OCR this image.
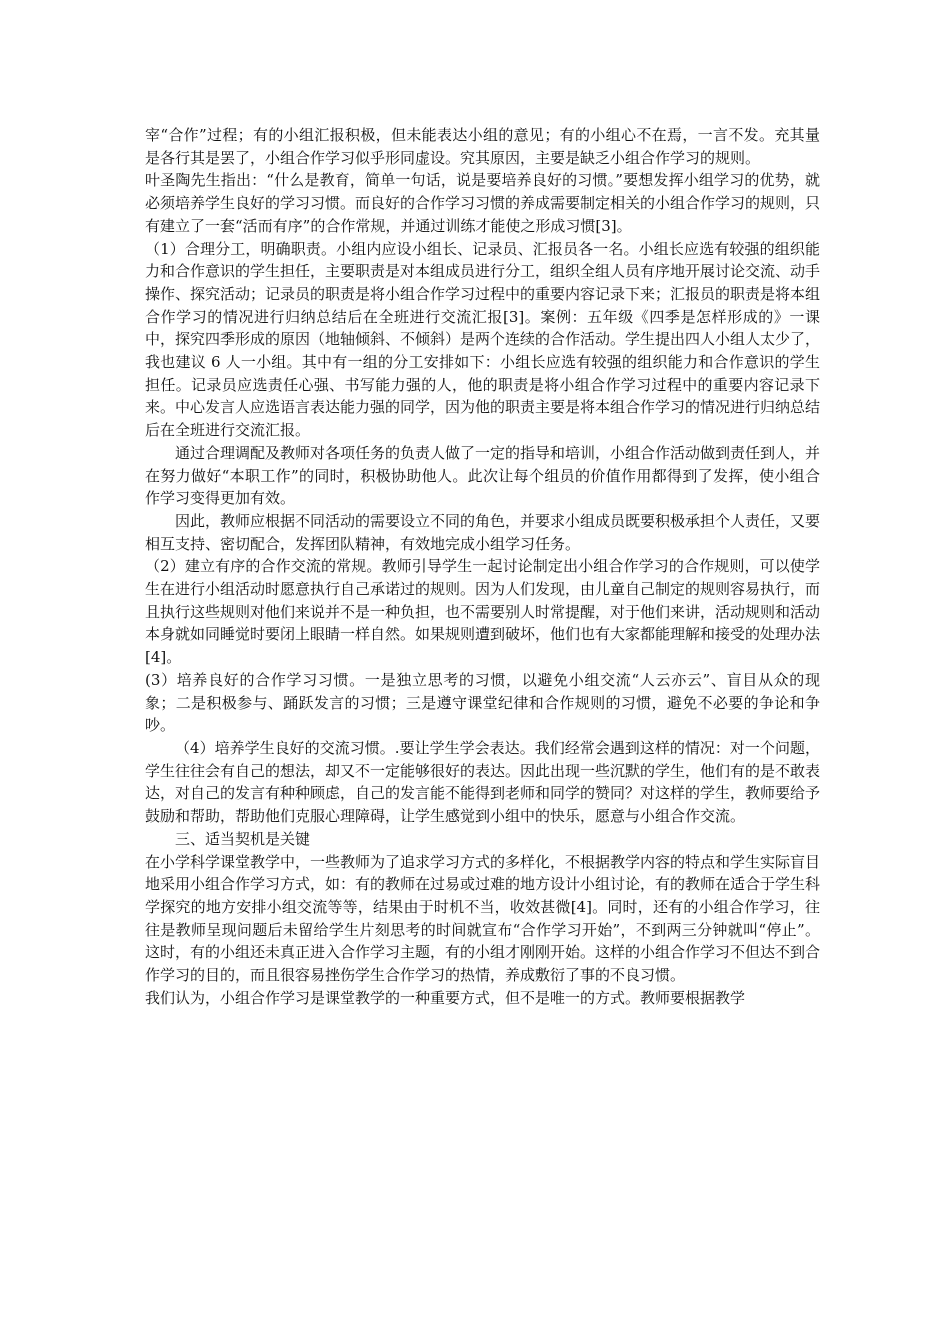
宰“合作”过程；有的小组汇报积极，但未能表达小组的意见；有的小组心不在焉，一言不发。充其量是各行其是罢了，小组合作学习似乎形同虚设。究其原因，主要是缺乏小组合作学习的规则。

叶圣陶先生指出：“什么是教育，简单一句话，说是要培养良好的习惯。”要想发挥小组学习的优势，就必须培养学生良好的学习习惯。而良好的合作学习习惯的养成需要制定相关的小组合作学习的规则，只有建立了一套“活而有序”的合作常规，并通过训练才能使之形成习惯[3]。

（1）合理分工，明确职责。小组内应设小组长、记录员、汇报员各一名。小组长应选有较强的组织能力和合作意识的学生担任，主要职责是对本组成员进行分工，组织全组人员有序地开展讨论交流、动手操作、探究活动；记录员的职责是将小组合作学习过程中的重要内容记录下来；汇报员的职责是将本组合作学习的情况进行归纳总结后在全班进行交流汇报[3]。案例：五年级《四季是怎样形成的》一课中，探究四季形成的原因（地轴倾斜、不倾斜）是两个连续的合作活动。学生提出四人小组人太少了，我也建议 6 人一小组。其中有一组的分工安排如下：小组长应选有较强的组织能力和合作意识的学生担任。记录员应选责任心强、书写能力强的人，他的职责是将小组合作学习过程中的重要内容记录下来。中心发言人应选语言表达能力强的同学，因为他的职责主要是将本组合作学习的情况进行归纳总结后在全班进行交流汇报。

通过合理调配及教师对各项任务的负责人做了一定的指导和培训，小组合作活动做到责任到人，并在努力做好“本职工作”的同时，积极协助他人。此次让每个组员的价值作用都得到了发挥，使小组合作学习变得更加有效。

因此，教师应根据不同活动的需要设立不同的角色，并要求小组成员既要积极承担个人责任，又要相互支持、密切配合，发挥团队精神，有效地完成小组学习任务。

（2）建立有序的合作交流的常规。教师引导学生一起讨论制定出小组合作学习的合作规则，可以使学生在进行小组活动时愿意执行自己承诺过的规则。因为人们发现，由儿童自己制定的规则容易执行，而且执行这些规则对他们来说并不是一种负担，也不需要别人时常提醒，对于他们来讲，活动规则和活动本身就如同睡觉时要闭上眼睛一样自然。如果规则遭到破坏，他们也有大家都能理解和接受的处理办法[4]。

(3）培养良好的合作学习习惯。一是独立思考的习惯，以避免小组交流“人云亦云”、盲目从众的现象；二是积极参与、踊跃发言的习惯；三是遵守课堂纪律和合作规则的习惯，避免不必要的争论和争吵。

（4）培养学生良好的交流习惯。.要让学生学会表达。我们经常会遇到这样的情况：对一个问题，学生往往会有自己的想法，却又不一定能够很好的表达。因此出现一些沉默的学生，他们有的是不敢表达，对自己的发言有种种顾虑，自己的发言能不能得到老师和同学的赞同？对这样的学生，教师要给予鼓励和帮助，帮助他们克服心理障碍，让学生感觉到小组中的快乐，愿意与小组合作交流。

三、适当契机是关键

在小学科学课堂教学中，一些教师为了追求学习方式的多样化，不根据教学内容的特点和学生实际盲目地采用小组合作学习方式，如：有的教师在过易或过难的地方设计小组讨论，有的教师在适合于学生科学探究的地方安排小组交流等等，结果由于时机不当，收效甚微[4]。同时，还有的小组合作学习，往往是教师呈现问题后未留给学生片刻思考的时间就宣布“合作学习开始”，不到两三分钟就叫“停止”。这时，有的小组还未真正进入合作学习主题，有的小组才刚刚开始。这样的小组合作学习不但达不到合作学习的目的，而且很容易挫伤学生合作学习的热情，养成敷衍了事的不良习惯。

我们认为，小组合作学习是课堂教学的一种重要方式，但不是唯一的方式。教师要根据教学
